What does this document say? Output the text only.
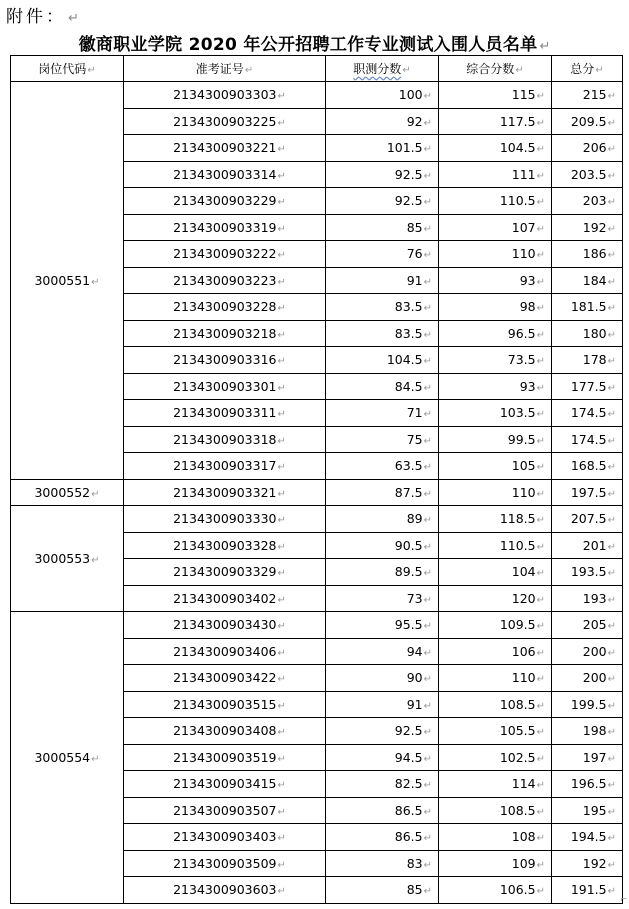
附件： ↵
徽商职业学院 2020 年公开招聘工作专业测试入围人员名单 ↵
岗位代码↵	准考证号↵	职测分数↵	综合分数↵	总分↵
3000551↵	2134300903303↵	100↵	115↵	215↵
	2134300903225↵	92↵	117.5↵	209.5↵
	2134300903221↵	101.5↵	104.5↵	206↵
	2134300903314↵	92.5↵	111↵	203.5↵
	2134300903229↵	92.5↵	110.5↵	203↵
	2134300903319↵	85↵	107↵	192↵
	2134300903222↵	76↵	110↵	186↵
	2134300903223↵	91↵	93↵	184↵
	2134300903228↵	83.5↵	98↵	181.5↵
	2134300903218↵	83.5↵	96.5↵	180↵
	2134300903316↵	104.5↵	73.5↵	178↵
	2134300903301↵	84.5↵	93↵	177.5↵
	2134300903311↵	71↵	103.5↵	174.5↵
	2134300903318↵	75↵	99.5↵	174.5↵
	2134300903317↵	63.5↵	105↵	168.5↵
3000552↵	2134300903321↵	87.5↵	110↵	197.5↵
3000553↵	2134300903330↵	89↵	118.5↵	207.5↵
	2134300903328↵	90.5↵	110.5↵	201↵
	2134300903329↵	89.5↵	104↵	193.5↵
	2134300903402↵	73↵	120↵	193↵
3000554↵	2134300903430↵	95.5↵	109.5↵	205↵
	2134300903406↵	94↵	106↵	200↵
	2134300903422↵	90↵	110↵	200↵
	2134300903515↵	91↵	108.5↵	199.5↵
	2134300903408↵	92.5↵	105.5↵	198↵
	2134300903519↵	94.5↵	102.5↵	197↵
	2134300903415↵	82.5↵	114↵	196.5↵
	2134300903507↵	86.5↵	108.5↵	195↵
	2134300903403↵	86.5↵	108↵	194.5↵
	2134300903509↵	83↵	109↵	192↵
	2134300903603↵	85↵	106.5↵	191.5↵
⌐
